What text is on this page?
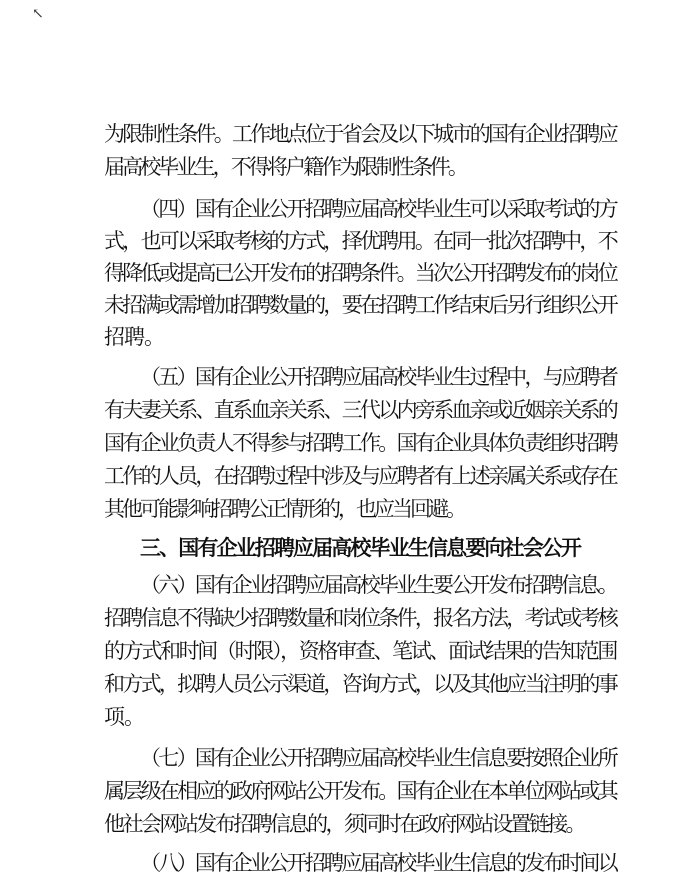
↖
为限制性条件。工作地点位于省会及以下城市的国有企业招聘应
届高校毕业生，不得将户籍作为限制性条件。
（四）国有企业公开招聘应届高校毕业生可以采取考试的方
式，也可以采取考核的方式，择优聘用。在同一批次招聘中，不
得降低或提高已公开发布的招聘条件。当次公开招聘发布的岗位
未招满或需增加招聘数量的，要在招聘工作结束后另行组织公开
招聘。
（五）国有企业公开招聘应届高校毕业生过程中，与应聘者
有夫妻关系、直系血亲关系、三代以内旁系血亲或近姻亲关系的
国有企业负责人不得参与招聘工作。国有企业具体负责组织招聘
工作的人员，在招聘过程中涉及与应聘者有上述亲属关系或存在
其他可能影响招聘公正情形的，也应当回避。
三、国有企业招聘应届高校毕业生信息要向社会公开
（六）国有企业招聘应届高校毕业生要公开发布招聘信息。
招聘信息不得缺少招聘数量和岗位条件，报名方法，考试或考核
的方式和时间（时限），资格审查、笔试、面试结果的告知范围
和方式，拟聘人员公示渠道，咨询方式，以及其他应当注明的事
项。
（七）国有企业公开招聘应届高校毕业生信息要按照企业所
属层级在相应的政府网站公开发布。国有企业在本单位网站或其
他社会网站发布招聘信息的，须同时在政府网站设置链接。
（八）国有企业公开招聘应届高校毕业生信息的发布时间以
